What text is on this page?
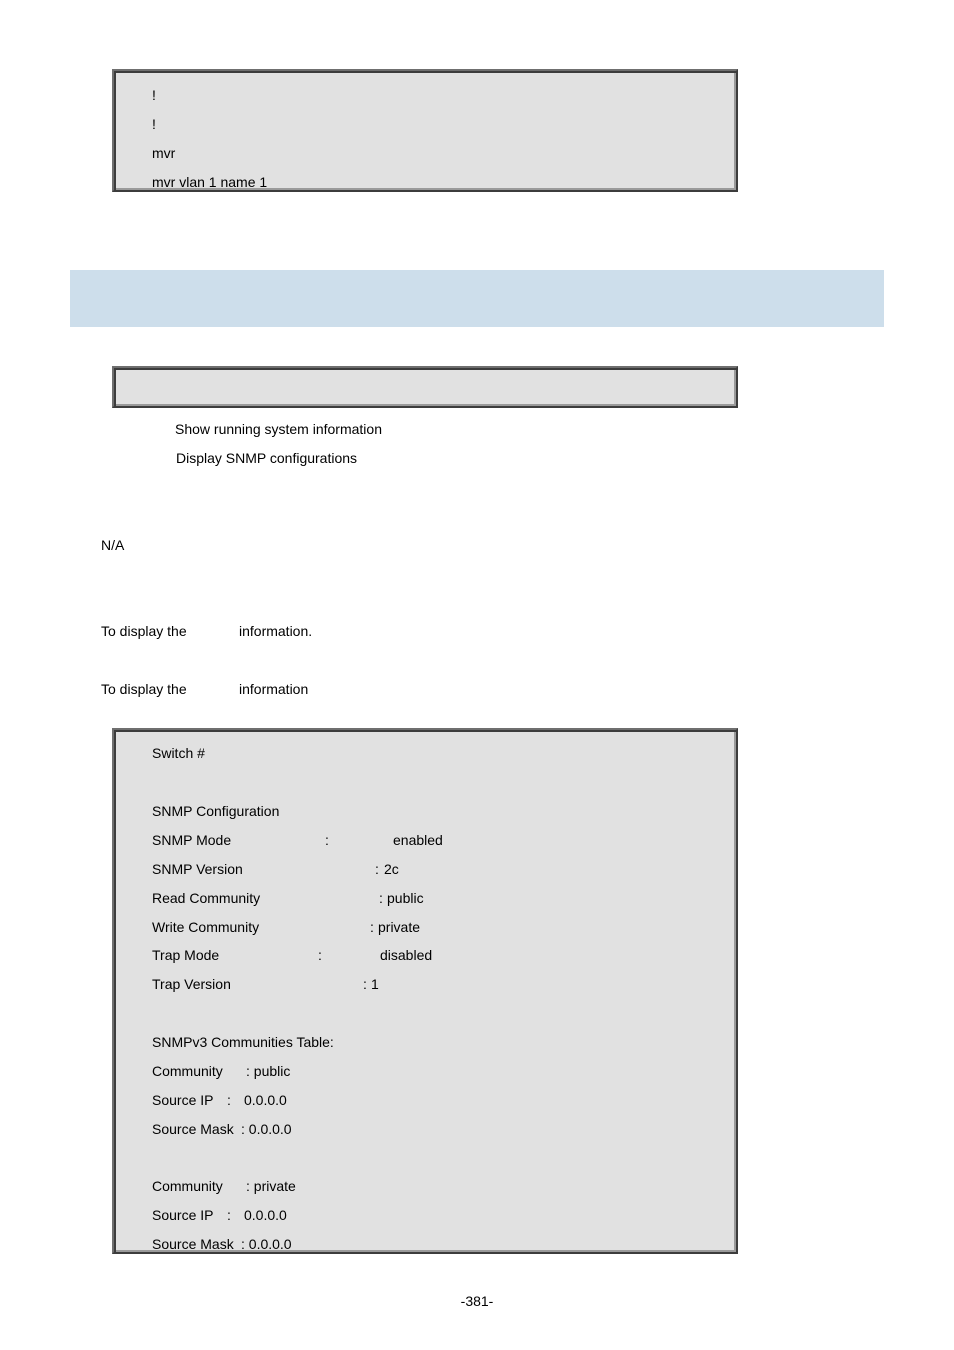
!
!
mvr
mvr vlan 1 name 1
Show running system information
Display SNMP configurations
N/A
To display the	information.
To display the	information
Switch #
SNMP Configuration
SNMP Mode	:	enabled
SNMP Version	: 2c
Read Community	: public
Write Community	: private
Trap Mode	:	disabled
Trap Version	: 1
SNMPv3 Communities Table:
Community : public
Source IP : 0.0.0.0
Source Mask : 0.0.0.0
Community : private
Source IP : 0.0.0.0
Source Mask : 0.0.0.0
-381-
